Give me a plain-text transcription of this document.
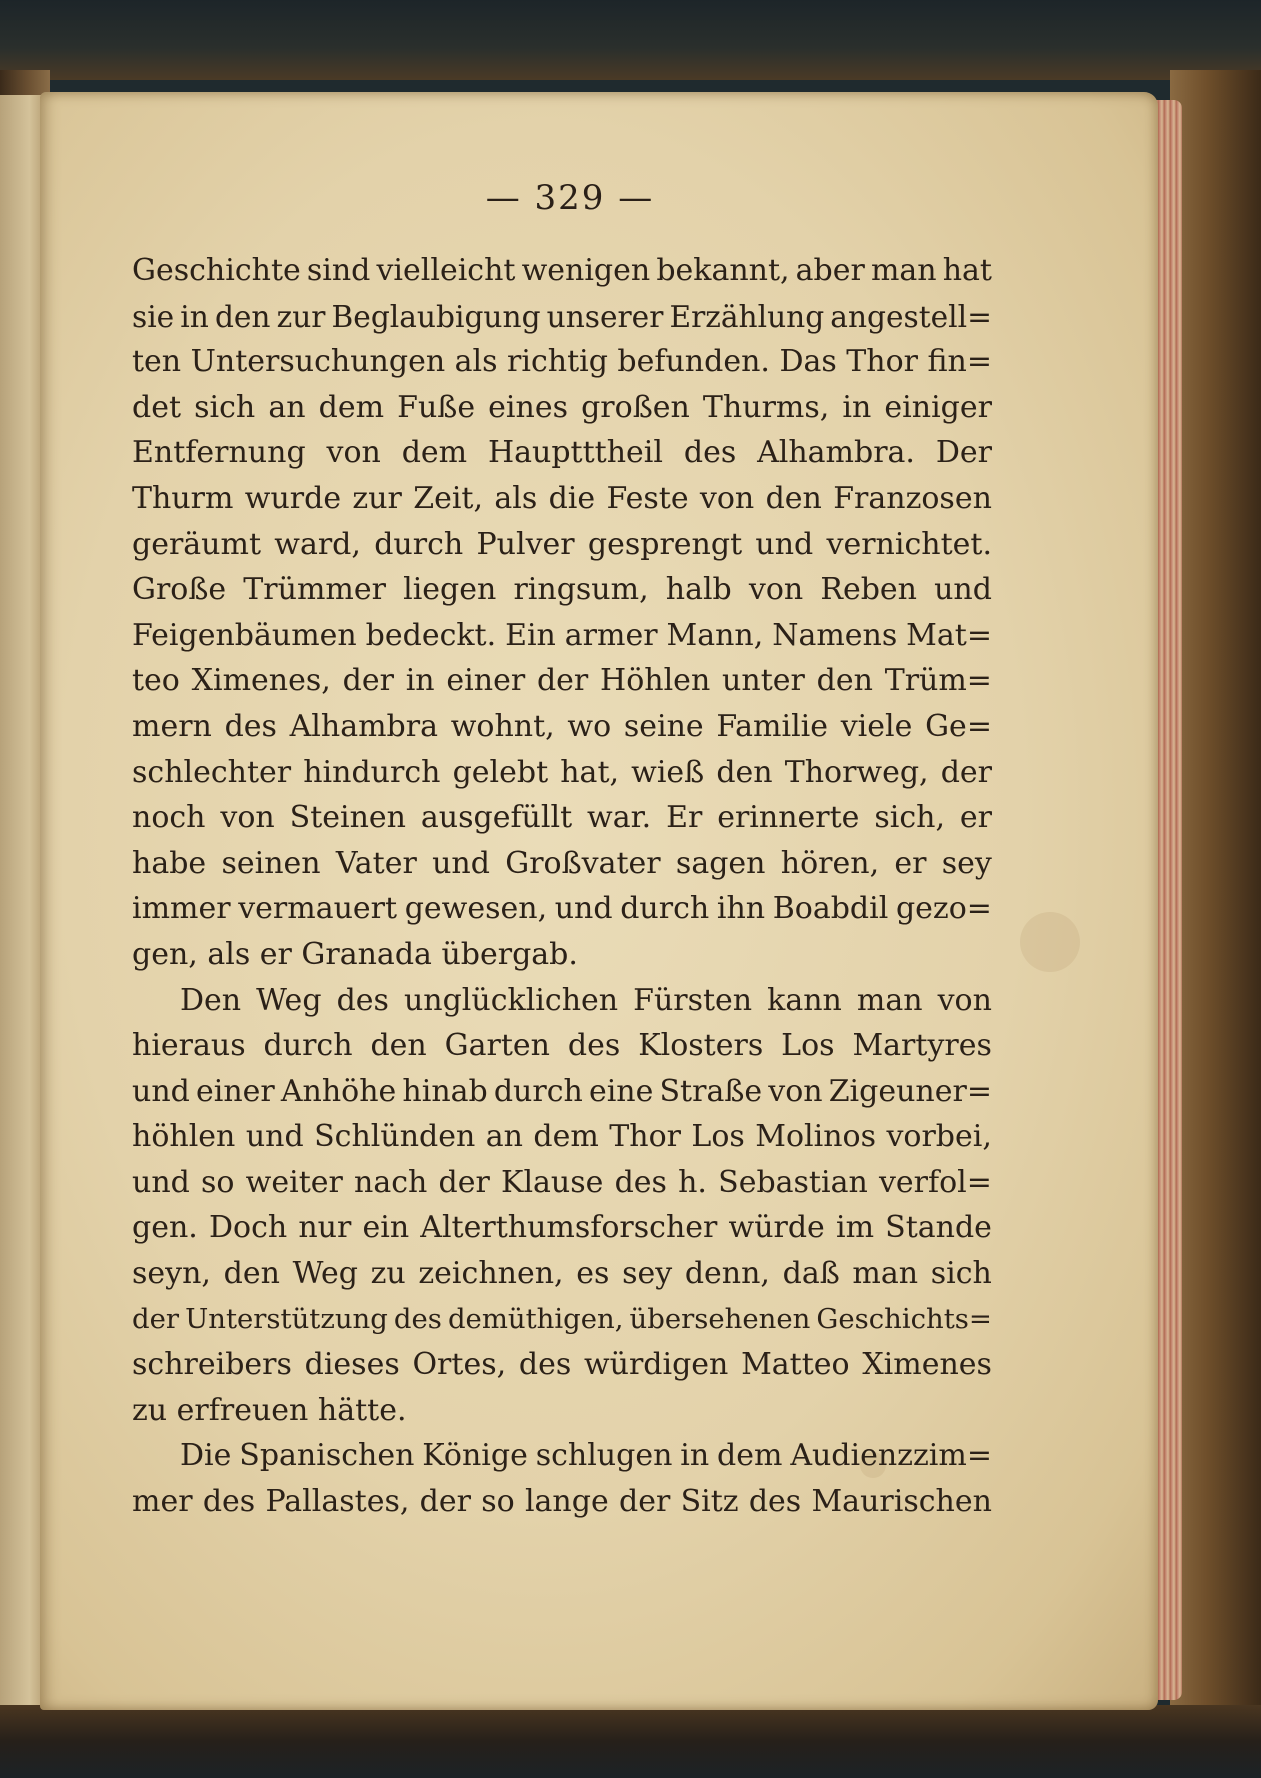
— 329 —
Geschichte sind vielleicht wenigen bekannt, aber man hat
sie in den zur Beglaubigung unserer Erzählung angestell=
ten Untersuchungen als richtig befunden. Das Thor fin=
det sich an dem Fuße eines großen Thurms, in einiger
Entfernung von dem Hauptttheil des Alhambra. Der
Thurm wurde zur Zeit, als die Feste von den Franzosen
geräumt ward, durch Pulver gesprengt und vernichtet.
Große Trümmer liegen ringsum, halb von Reben und
Feigenbäumen bedeckt. Ein armer Mann, Namens Mat=
teo Ximenes, der in einer der Höhlen unter den Trüm=
mern des Alhambra wohnt, wo seine Familie viele Ge=
schlechter hindurch gelebt hat, wieß den Thorweg, der
noch von Steinen ausgefüllt war. Er erinnerte sich, er
habe seinen Vater und Großvater sagen hören, er sey
immer vermauert gewesen, und durch ihn Boabdil gezo=
gen, als er Granada übergab.
Den Weg des unglücklichen Fürsten kann man von
hieraus durch den Garten des Klosters Los Martyres
und einer Anhöhe hinab durch eine Straße von Zigeuner=
höhlen und Schlünden an dem Thor Los Molinos vorbei,
und so weiter nach der Klause des h. Sebastian verfol=
gen. Doch nur ein Alterthumsforscher würde im Stande
seyn, den Weg zu zeichnen, es sey denn, daß man sich
der Unterstützung des demüthigen, übersehenen Geschichts=
schreibers dieses Ortes, des würdigen Matteo Ximenes
zu erfreuen hätte.
Die Spanischen Könige schlugen in dem Audienzzim=
mer des Pallastes, der so lange der Sitz des Maurischen
